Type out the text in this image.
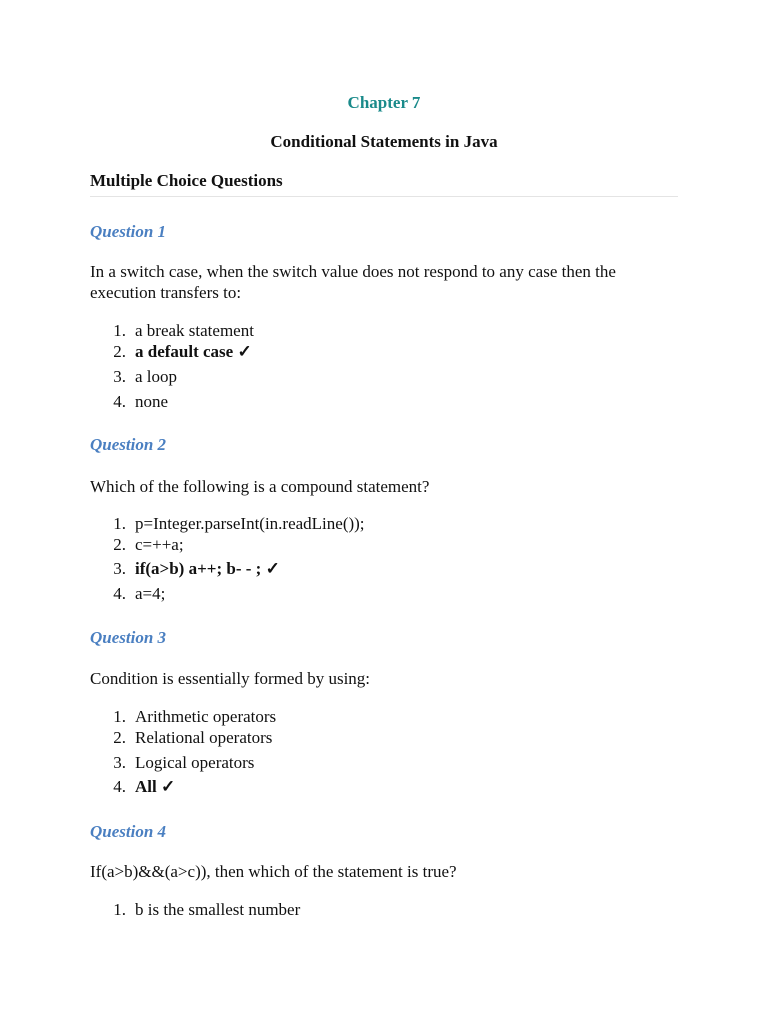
Chapter 7
Conditional Statements in Java
Multiple Choice Questions
Question 1
In a switch case, when the switch value does not respond to any case then the execution transfers to:
1. a break statement
2. a default case ✓
3. a loop
4. none
Question 2
Which of the following is a compound statement?
1. p=Integer.parseInt(in.readLine());
2. c=++a;
3. if(a>b) a++; b- - ; ✓
4. a=4;
Question 3
Condition is essentially formed by using:
1. Arithmetic operators
2. Relational operators
3. Logical operators
4. All ✓
Question 4
If(a>b)&&(a>c)), then which of the statement is true?
1. b is the smallest number
